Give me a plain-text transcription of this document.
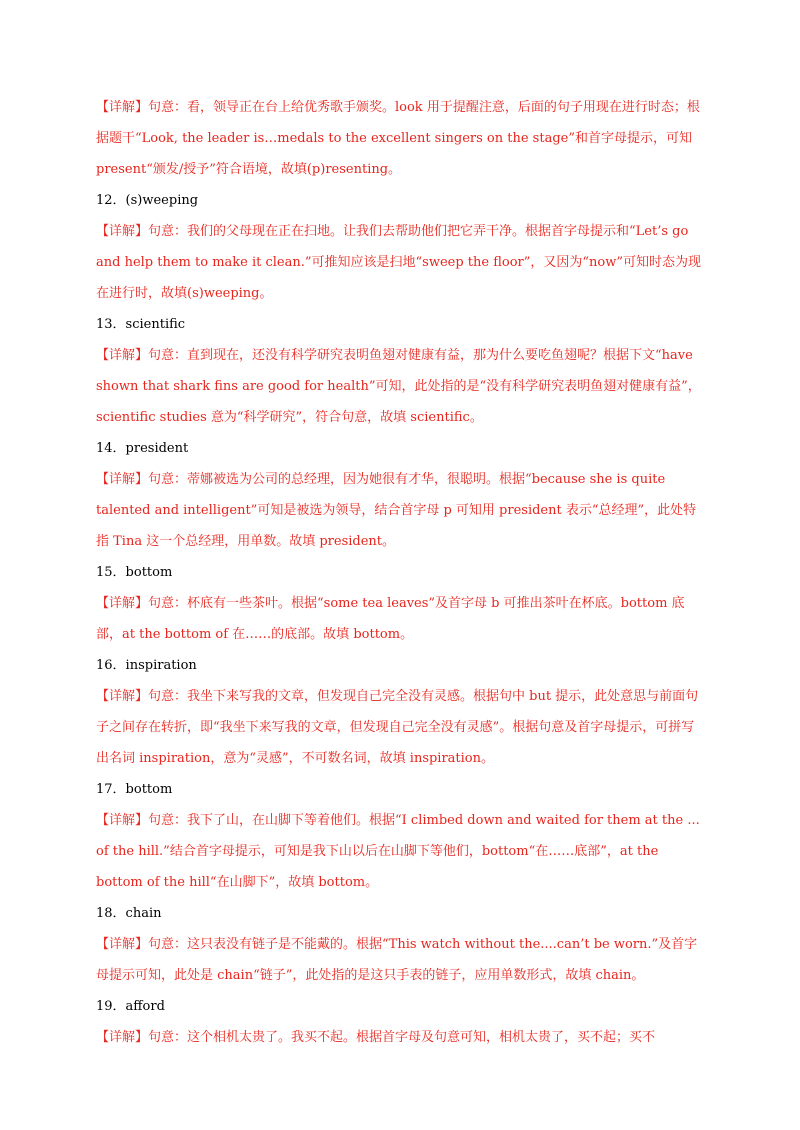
【详解】句意：看，领导正在台上给优秀歌手颁奖。look 用于提醒注意，后面的句子用现在进行时态；根据题干“Look, the leader is…medals to the excellent singers on the stage”和首字母提示，可知present“颁发/授予”符合语境，故填(p)resenting。

12．(s)weeping

【详解】句意：我们的父母现在正在扫地。让我们去帮助他们把它弄干净。根据首字母提示和“Let’s go and help them to make it clean.”可推知应该是扫地“sweep the floor”，又因为“now”可知时态为现在进行时，故填(s)weeping。

13．scientific

【详解】句意：直到现在，还没有科学研究表明鱼翅对健康有益，那为什么要吃鱼翅呢？根据下文“have shown that shark fins are good for health”可知，此处指的是“没有科学研究表明鱼翅对健康有益”，scientific studies 意为“科学研究”，符合句意，故填 scientific。

14．president

【详解】句意：蒂娜被选为公司的总经理，因为她很有才华，很聪明。根据“because she is quite talented and intelligent”可知是被选为领导，结合首字母 p 可知用 president 表示“总经理”，此处特指 Tina 这一个总经理，用单数。故填 president。

15．bottom

【详解】句意：杯底有一些茶叶。根据“some tea leaves”及首字母 b 可推出茶叶在杯底。bottom 底部，at the bottom of 在……的底部。故填 bottom。

16．inspiration

【详解】句意：我坐下来写我的文章，但发现自己完全没有灵感。根据句中 but 提示，此处意思与前面句子之间存在转折，即“我坐下来写我的文章，但发现自己完全没有灵感”。根据句意及首字母提示，可拼写出名词 inspiration，意为“灵感”，不可数名词，故填 inspiration。

17．bottom

【详解】句意：我下了山，在山脚下等着他们。根据“I climbed down and waited for them at the ... of the hill.”结合首字母提示，可知是我下山以后在山脚下等他们，bottom“在……底部”，at the bottom of the hill“在山脚下”，故填 bottom。

18．chain

【详解】句意：这只表没有链子是不能戴的。根据“This watch without the....can’t be worn.”及首字母提示可知，此处是 chain“链子”，此处指的是这只手表的链子，应用单数形式，故填 chain。

19．afford

【详解】句意：这个相机太贵了。我买不起。根据首字母及句意可知，相机太贵了，买不起；买不
